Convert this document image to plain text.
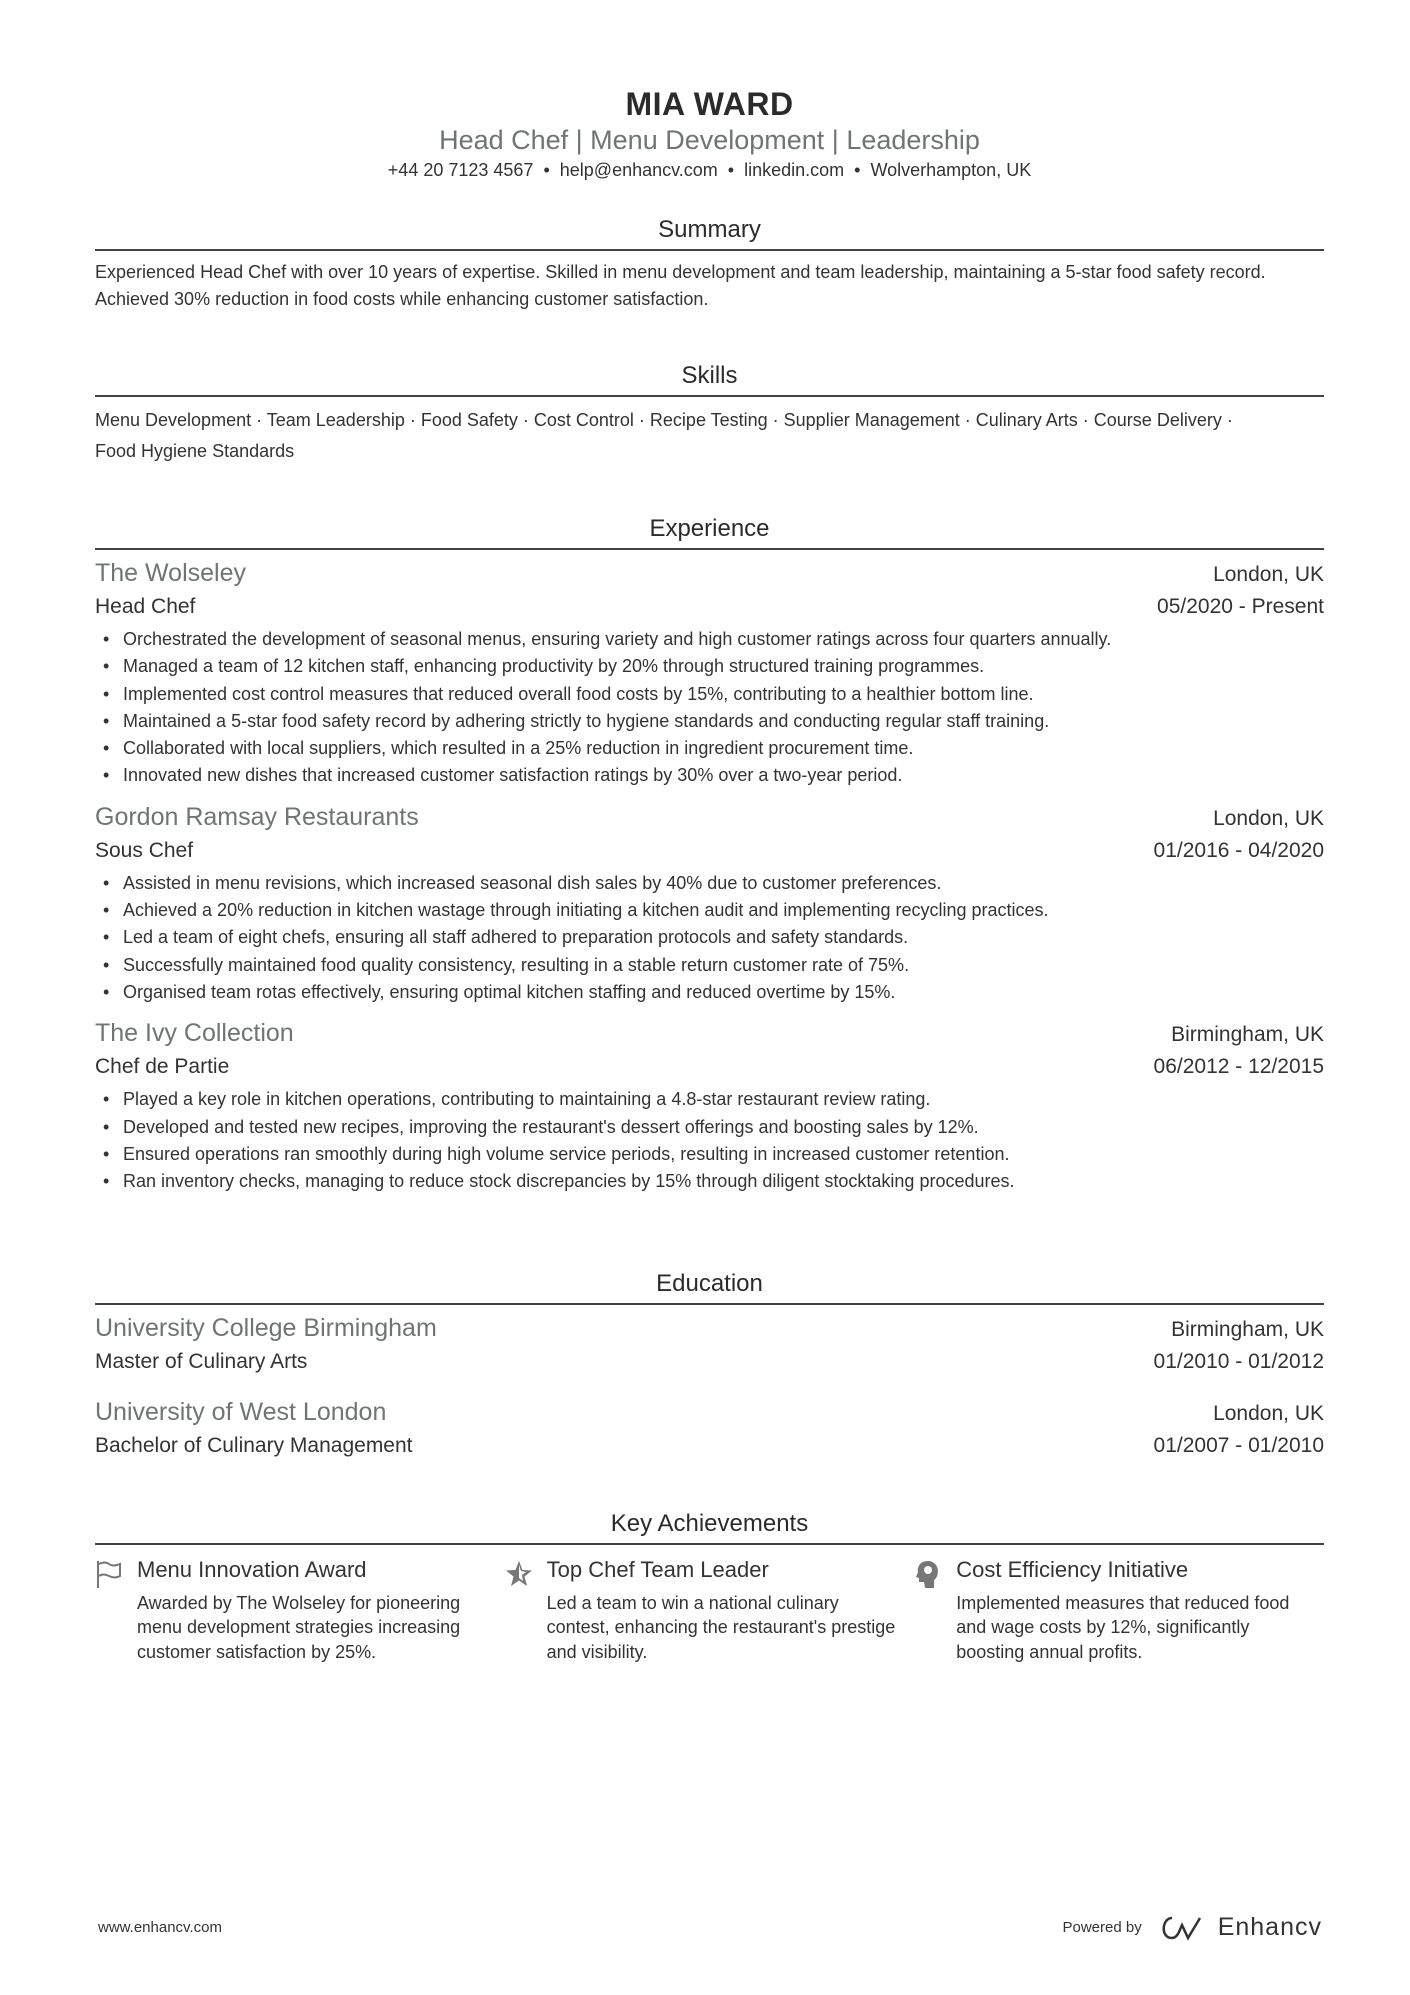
MIA WARD
Head Chef | Menu Development | Leadership
+44 20 7123 4567 • help@enhancv.com • linkedin.com • Wolverhampton, UK
Summary
Experienced Head Chef with over 10 years of expertise. Skilled in menu development and team leadership, maintaining a 5-star food safety record. Achieved 30% reduction in food costs while enhancing customer satisfaction.
Skills
Menu Development · Team Leadership · Food Safety · Cost Control · Recipe Testing · Supplier Management · Culinary Arts · Course Delivery · Food Hygiene Standards
Experience
The Wolseley	London, UK
Head Chef	05/2020 - Present
• Orchestrated the development of seasonal menus, ensuring variety and high customer ratings across four quarters annually.
• Managed a team of 12 kitchen staff, enhancing productivity by 20% through structured training programmes.
• Implemented cost control measures that reduced overall food costs by 15%, contributing to a healthier bottom line.
• Maintained a 5-star food safety record by adhering strictly to hygiene standards and conducting regular staff training.
• Collaborated with local suppliers, which resulted in a 25% reduction in ingredient procurement time.
• Innovated new dishes that increased customer satisfaction ratings by 30% over a two-year period.
Gordon Ramsay Restaurants	London, UK
Sous Chef	01/2016 - 04/2020
• Assisted in menu revisions, which increased seasonal dish sales by 40% due to customer preferences.
• Achieved a 20% reduction in kitchen wastage through initiating a kitchen audit and implementing recycling practices.
• Led a team of eight chefs, ensuring all staff adhered to preparation protocols and safety standards.
• Successfully maintained food quality consistency, resulting in a stable return customer rate of 75%.
• Organised team rotas effectively, ensuring optimal kitchen staffing and reduced overtime by 15%.
The Ivy Collection	Birmingham, UK
Chef de Partie	06/2012 - 12/2015
• Played a key role in kitchen operations, contributing to maintaining a 4.8-star restaurant review rating.
• Developed and tested new recipes, improving the restaurant's dessert offerings and boosting sales by 12%.
• Ensured operations ran smoothly during high volume service periods, resulting in increased customer retention.
• Ran inventory checks, managing to reduce stock discrepancies by 15% through diligent stocktaking procedures.
Education
University College Birmingham	Birmingham, UK
Master of Culinary Arts	01/2010 - 01/2012
University of West London	London, UK
Bachelor of Culinary Management	01/2007 - 01/2010
Key Achievements
Menu Innovation Award
Awarded by The Wolseley for pioneering menu development strategies increasing customer satisfaction by 25%.
Top Chef Team Leader
Led a team to win a national culinary contest, enhancing the restaurant's prestige and visibility.
Cost Efficiency Initiative
Implemented measures that reduced food and wage costs by 12%, significantly boosting annual profits.
www.enhancv.com	Powered by	Enhancv
